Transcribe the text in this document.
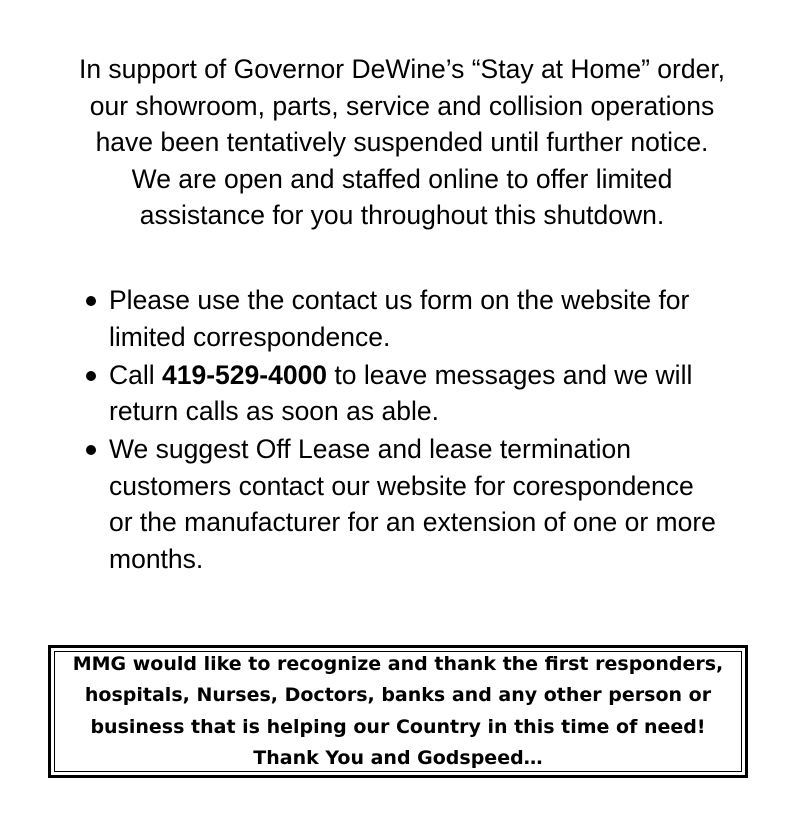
In support of Governor DeWine’s “Stay at Home” order, our showroom, parts, service and collision operations have been tentatively suspended until further notice. We are open and staffed online to offer limited assistance for you throughout this shutdown.

Please use the contact us form on the website for limited correspondence.
Call 419-529-4000 to leave messages and we will return calls as soon as able.
We suggest Off Lease and lease termination customers contact our website for corespondence or the manufacturer for an extension of one or more months.

MMG would like to recognize and thank the first responders, hospitals, Nurses, Doctors, banks and any other person or business that is helping our Country in this time of need! Thank You and Godspeed…
